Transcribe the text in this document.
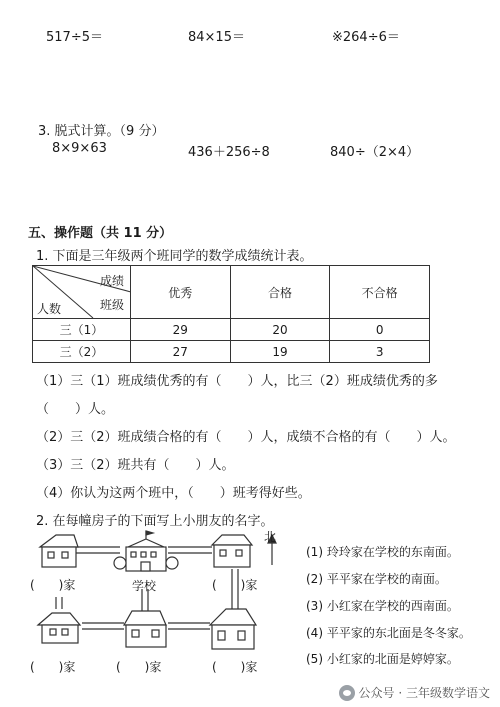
517÷5＝	84×15＝	※264÷6＝
3. 脱式计算。（9 分）
8×9×63	436＋256÷8	840÷（2×4）
五、操作题（共 11 分）
1. 下面是三年级两个班同学的数学成绩统计表。
成绩
班级
人数	优秀	合格	不合格
三（1）	29	20	0
三（2）	27	19	3
（1）三（1）班成绩优秀的有（　　）人，比三（2）班成绩优秀的多
（　　）人。
（2）三（2）班成绩合格的有（　　）人，成绩不合格的有（　　）人。
（3）三（2）班共有（　　）人。
（4）你认为这两个班中，（　　）班考得好些。
2. 在每幢房子的下面写上小朋友的名字。
北
学校
(　　)家	(　　)家
(　　)家	(　　)家	(　　)家
(1) 玲玲家在学校的东南面。
(2) 平平家在学校的南面。
(3) 小红家在学校的西南面。
(4) 平平家的东北面是冬冬家。
(5) 小红家的北面是婷婷家。
公众号 · 三年级数学语文
